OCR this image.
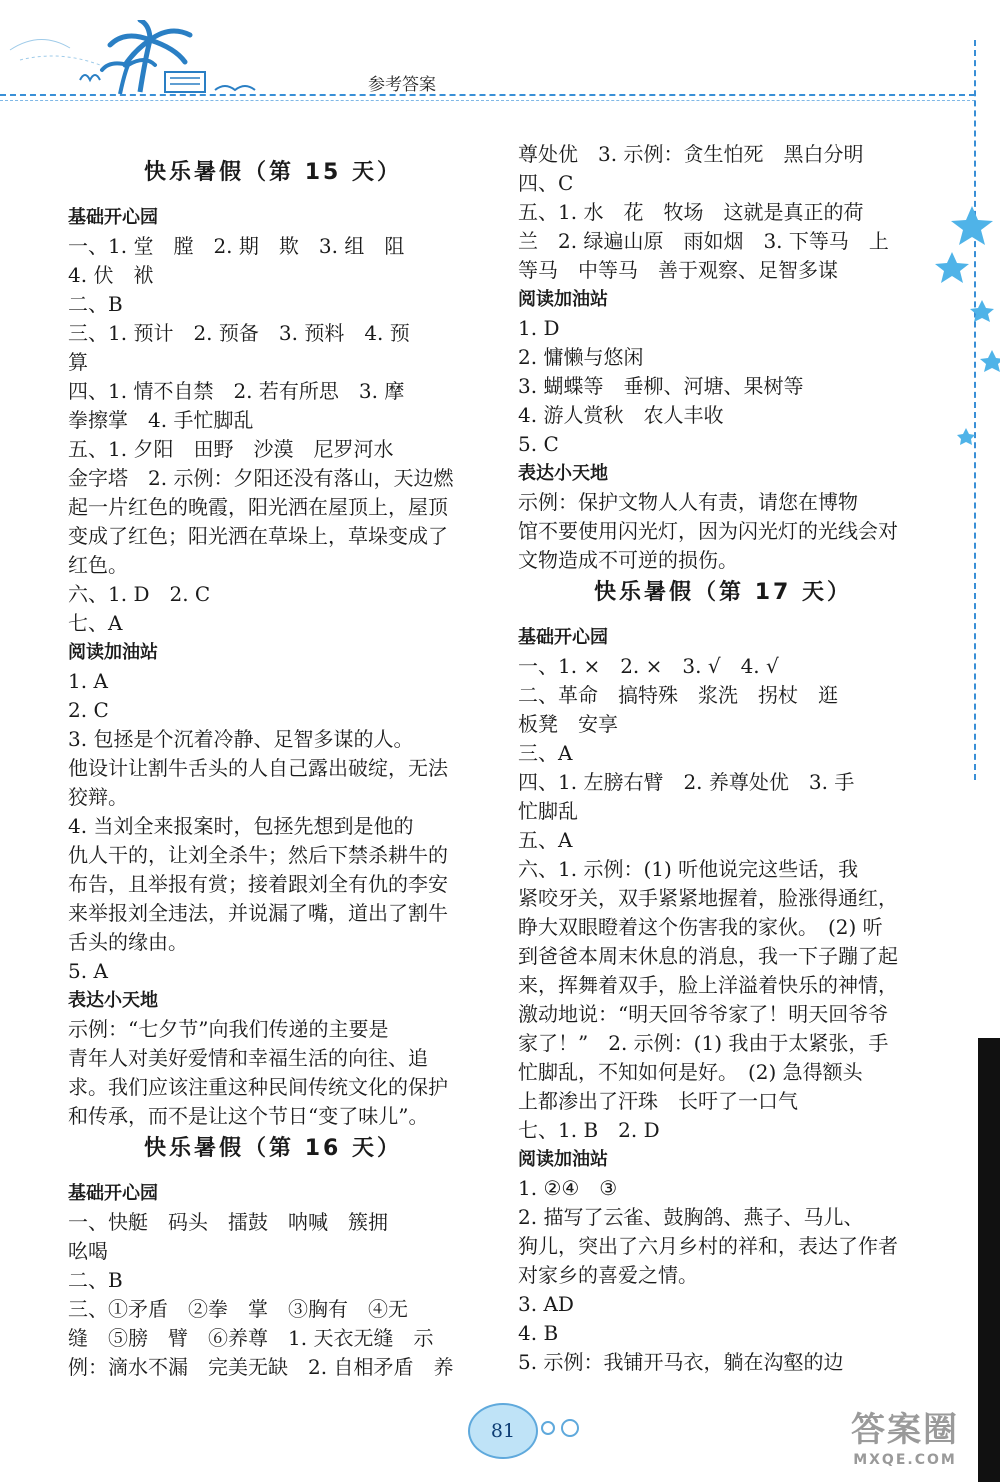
参考答案
快乐暑假（第 15 天）
基础开心园
一、1. 堂　膛　2. 期　欺　3. 组　阻
4. 伏　袱
二、B
三、1. 预计　2. 预备　3. 预料　4. 预
算
四、1. 情不自禁　2. 若有所思　3. 摩
拳擦掌　4. 手忙脚乱
五、1. 夕阳　田野　沙漠　尼罗河水
金字塔　2. 示例：夕阳还没有落山，天边燃
起一片红色的晚霞，阳光洒在屋顶上，屋顶
变成了红色；阳光洒在草垛上，草垛变成了
红色。
六、1. D　2. C
七、A
阅读加油站
1. A
2. C
3. 包拯是个沉着冷静、足智多谋的人。
他设计让割牛舌头的人自己露出破绽，无法
狡辩。
4. 当刘全来报案时，包拯先想到是他的
仇人干的，让刘全杀牛；然后下禁杀耕牛的
布告，且举报有赏；接着跟刘全有仇的李安
来举报刘全违法，并说漏了嘴，道出了割牛
舌头的缘由。
5. A
表达小天地
示例：“七夕节”向我们传递的主要是
青年人对美好爱情和幸福生活的向往、追
求。我们应该注重这种民间传统文化的保护
和传承，而不是让这个节日“变了味儿”。
快乐暑假（第 16 天）
基础开心园
一、快艇　码头　擂鼓　呐喊　簇拥
吆喝
二、B
三、①矛盾　②拳　掌　③胸有　④无
缝　⑤膀　臂　⑥养尊　1. 天衣无缝　示
例：滴水不漏　完美无缺　2. 自相矛盾　养
尊处优　3. 示例：贪生怕死　黑白分明
四、C
五、1. 水　花　牧场　这就是真正的荷
兰　2. 绿遍山原　雨如烟　3. 下等马　上
等马　中等马　善于观察、足智多谋
阅读加油站
1. D
2. 慵懒与悠闲
3. 蝴蝶等　垂柳、河塘、果树等
4. 游人赏秋　农人丰收
5. C
表达小天地
示例：保护文物人人有责，请您在博物
馆不要使用闪光灯，因为闪光灯的光线会对
文物造成不可逆的损伤。
快乐暑假（第 17 天）
基础开心园
一、1. ×　2. ×　3. √　4. √
二、革命　搞特殊　浆洗　拐杖　逛
板凳　安享
三、A
四、1. 左膀右臂　2. 养尊处优　3. 手
忙脚乱
五、A
六、1. 示例：(1) 听他说完这些话，我
紧咬牙关，双手紧紧地握着，脸涨得通红，
睁大双眼瞪着这个伤害我的家伙。　(2) 听
到爸爸本周末休息的消息，我一下子蹦了起
来，挥舞着双手，脸上洋溢着快乐的神情，
激动地说：“明天回爷爷家了！明天回爷爷
家了！”　2. 示例：(1) 我由于太紧张，手
忙脚乱，不知如何是好。　(2) 急得额头
上都渗出了汗珠　长吁了一口气
七、1. B　2. D
阅读加油站
1. ②④　③
2. 描写了云雀、鼓胸鸽、燕子、马儿、
狗儿，突出了六月乡村的祥和，表达了作者
对家乡的喜爱之情。
3. AD
4. B
5. 示例：我铺开马衣，躺在沟壑的边
81	答案圈
MXQE.COM
